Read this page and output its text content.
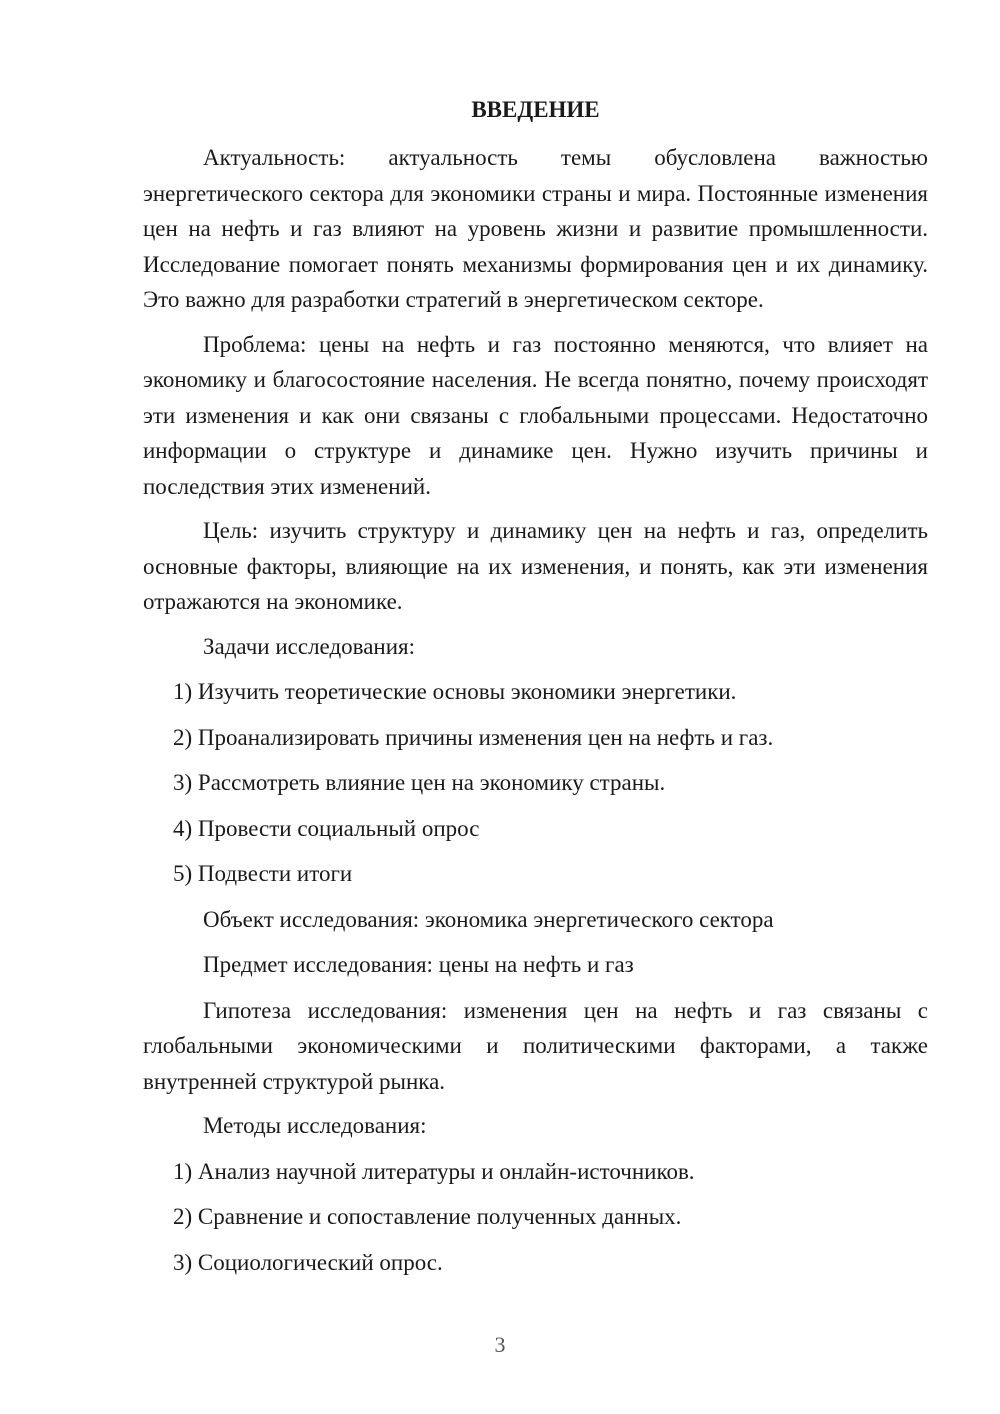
ВВЕДЕНИЕ

Актуальность: актуальность темы обусловлена важностью энергетического сектора для экономики страны и мира. Постоянные изменения цен на нефть и газ влияют на уровень жизни и развитие промышленности. Исследование помогает понять механизмы формирования цен и их динамику. Это важно для разработки стратегий в энергетическом секторе.

Проблема: цены на нефть и газ постоянно меняются, что влияет на экономику и благосостояние населения. Не всегда понятно, почему происходят эти изменения и как они связаны с глобальными процессами. Недостаточно информации о структуре и динамике цен. Нужно изучить причины и последствия этих изменений.

Цель: изучить структуру и динамику цен на нефть и газ, определить основные факторы, влияющие на их изменения, и понять, как эти изменения отражаются на экономике.

Задачи исследования:
1) Изучить теоретические основы экономики энергетики.
2) Проанализировать причины изменения цен на нефть и газ.
3) Рассмотреть влияние цен на экономику страны.
4) Провести социальный опрос
5) Подвести итоги
Объект исследования: экономика энергетического сектора
Предмет исследования: цены на нефть и газ

Гипотеза исследования: изменения цен на нефть и газ связаны с глобальными экономическими и политическими факторами, а также внутренней структурой рынка.

Методы исследования:
1) Анализ научной литературы и онлайн-источников.
2) Сравнение и сопоставление полученных данных.
3) Социологический опрос.
3
